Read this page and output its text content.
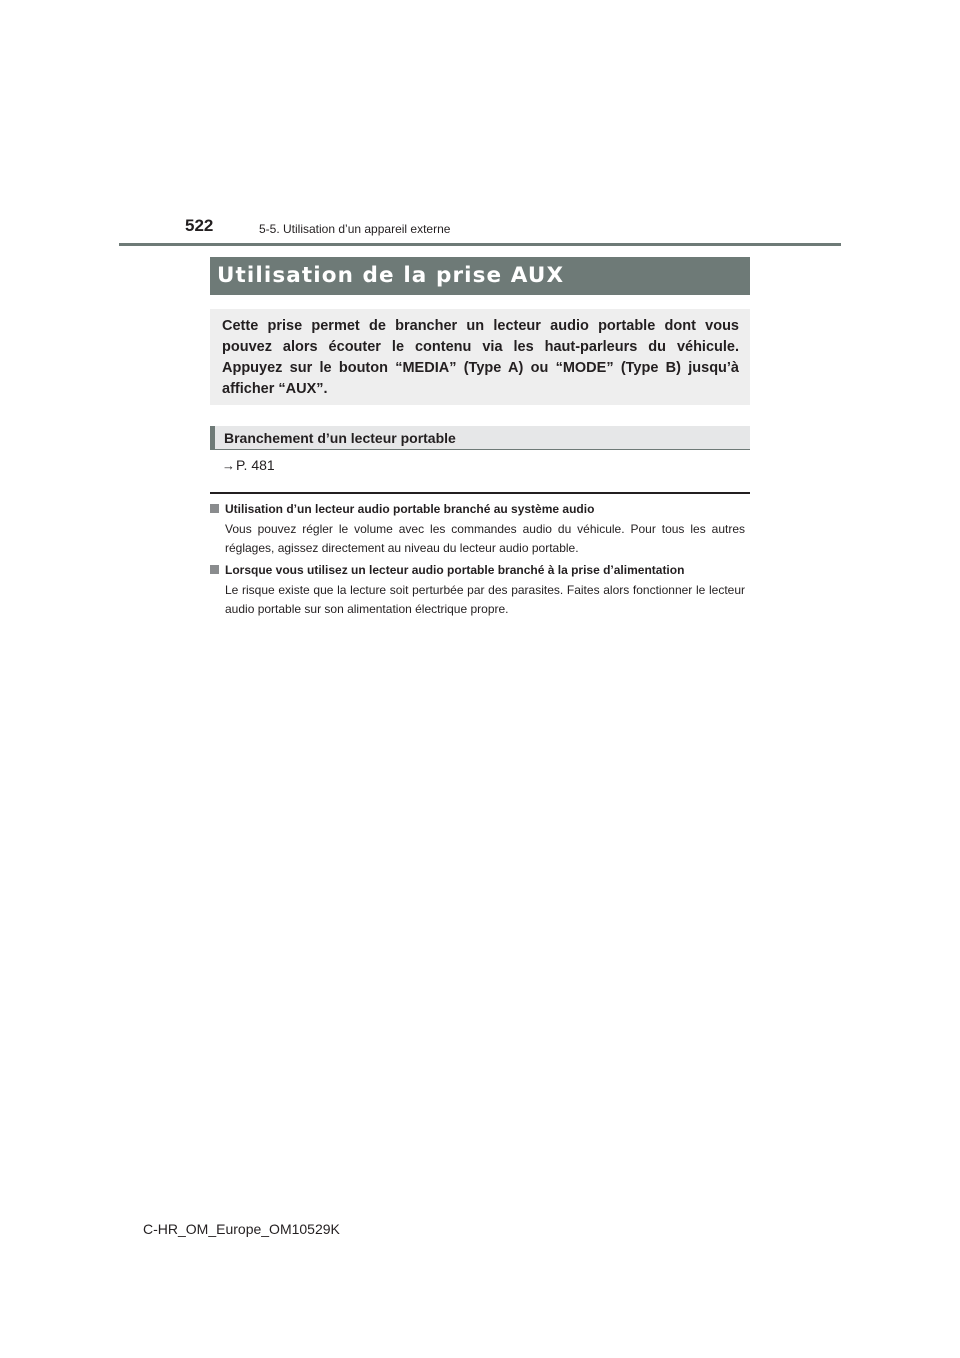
522	5-5. Utilisation d’un appareil externe
Utilisation de la prise AUX

Cette prise permet de brancher un lecteur audio portable dont vous pouvez alors écouter le contenu via les haut-parleurs du véhicule. Appuyez sur le bouton “MEDIA” (Type A) ou “MODE” (Type B) jusqu’à afficher “AUX”.

Branchement d’un lecteur portable
→P. 481
Utilisation d’un lecteur audio portable branché au système audio
Vous pouvez régler le volume avec les commandes audio du véhicule. Pour tous les autres réglages, agissez directement au niveau du lecteur audio portable.
Lorsque vous utilisez un lecteur audio portable branché à la prise d’alimentation
Le risque existe que la lecture soit perturbée par des parasites. Faites alors fonctionner le lecteur audio portable sur son alimentation électrique propre.
C-HR_OM_Europe_OM10529K
